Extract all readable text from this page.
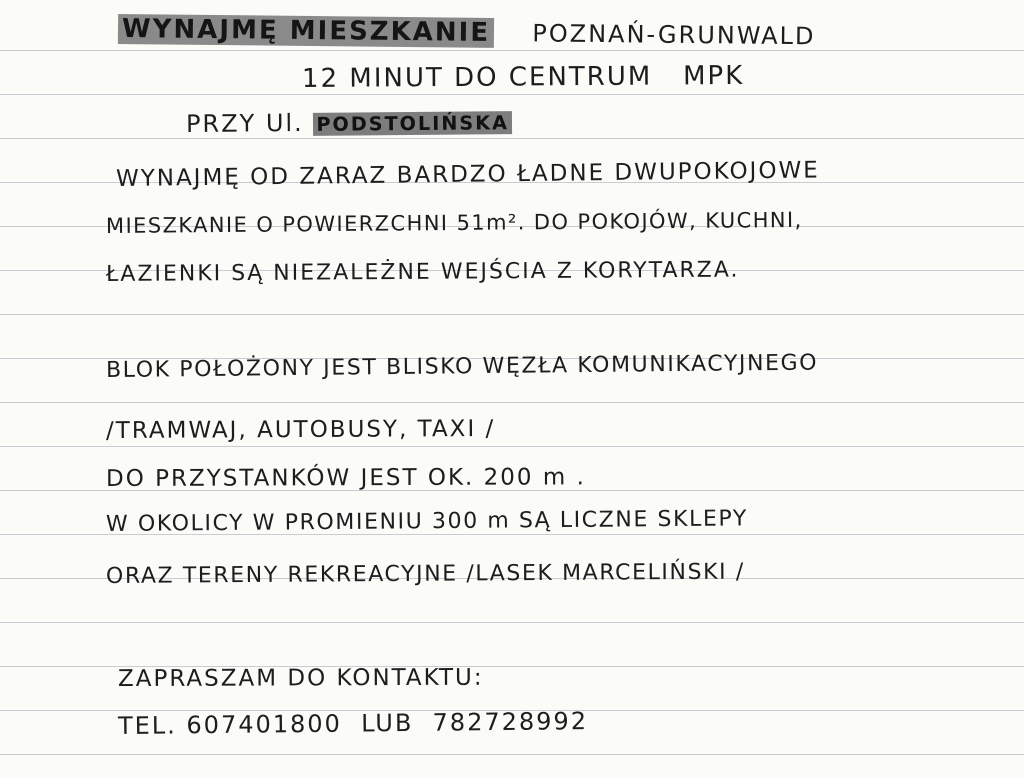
WYNAJMĘ MIESZKANIE POZNAŃ-GRUNWALD
12 MINUT DO CENTRUM   MPK
PRZY Ul. PODSTOLIŃSKA
WYNAJMĘ OD ZARAZ BARDZO ŁADNE DWUPOKOJOWE
MIESZKANIE O POWIERZCHNI 51m². DO POKOJÓW, KUCHNI,
ŁAZIENKI SĄ NIEZALEŻNE WEJŚCIA Z KORYTARZA.
BLOK POŁOŻONY JEST BLISKO WĘZŁA KOMUNIKACYJNEGO
/TRAMWAJ, AUTOBUSY, TAXI /
DO PRZYSTANKÓW JEST OK. 200 m .
W OKOLICY W PROMIENIU 300 m SĄ LICZNE SKLEPY
ORAZ TERENY REKREACYJNE /LASEK MARCELIŃSKI /
ZAPRASZAM DO KONTAKTU:
TEL. 607401800  LUB  782728992
